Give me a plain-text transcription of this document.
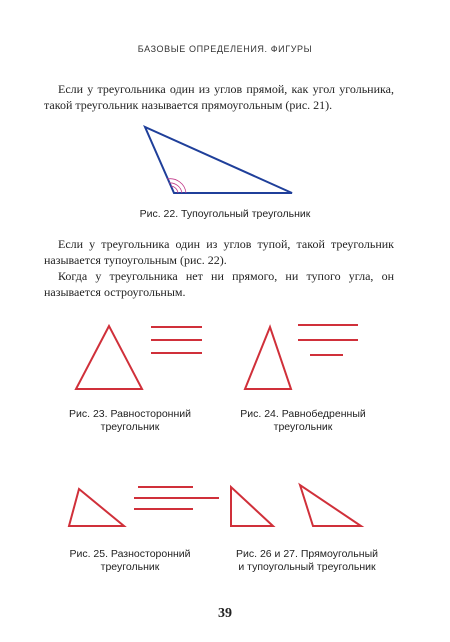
БАЗОВЫЕ ОПРЕДЕЛЕНИЯ. ФИГУРЫ

Если у треугольника один из углов прямой, как угол угольника, такой треугольник называется прямоугольным (рис. 21).

Рис. 22. Тупоугольный треугольник

Если у треугольника один из углов тупой, такой треугольник называется тупоугольным (рис. 22).

Когда у треугольника нет ни прямого, ни тупого угла, он называется остроугольным.

Рис. 23. Равносторонний
треугольник

Рис. 24. Равнобедренный
треугольник

Рис. 25. Разносторонний
треугольник

Рис. 26 и 27. Прямоугольный
и тупоугольный треугольник

39
